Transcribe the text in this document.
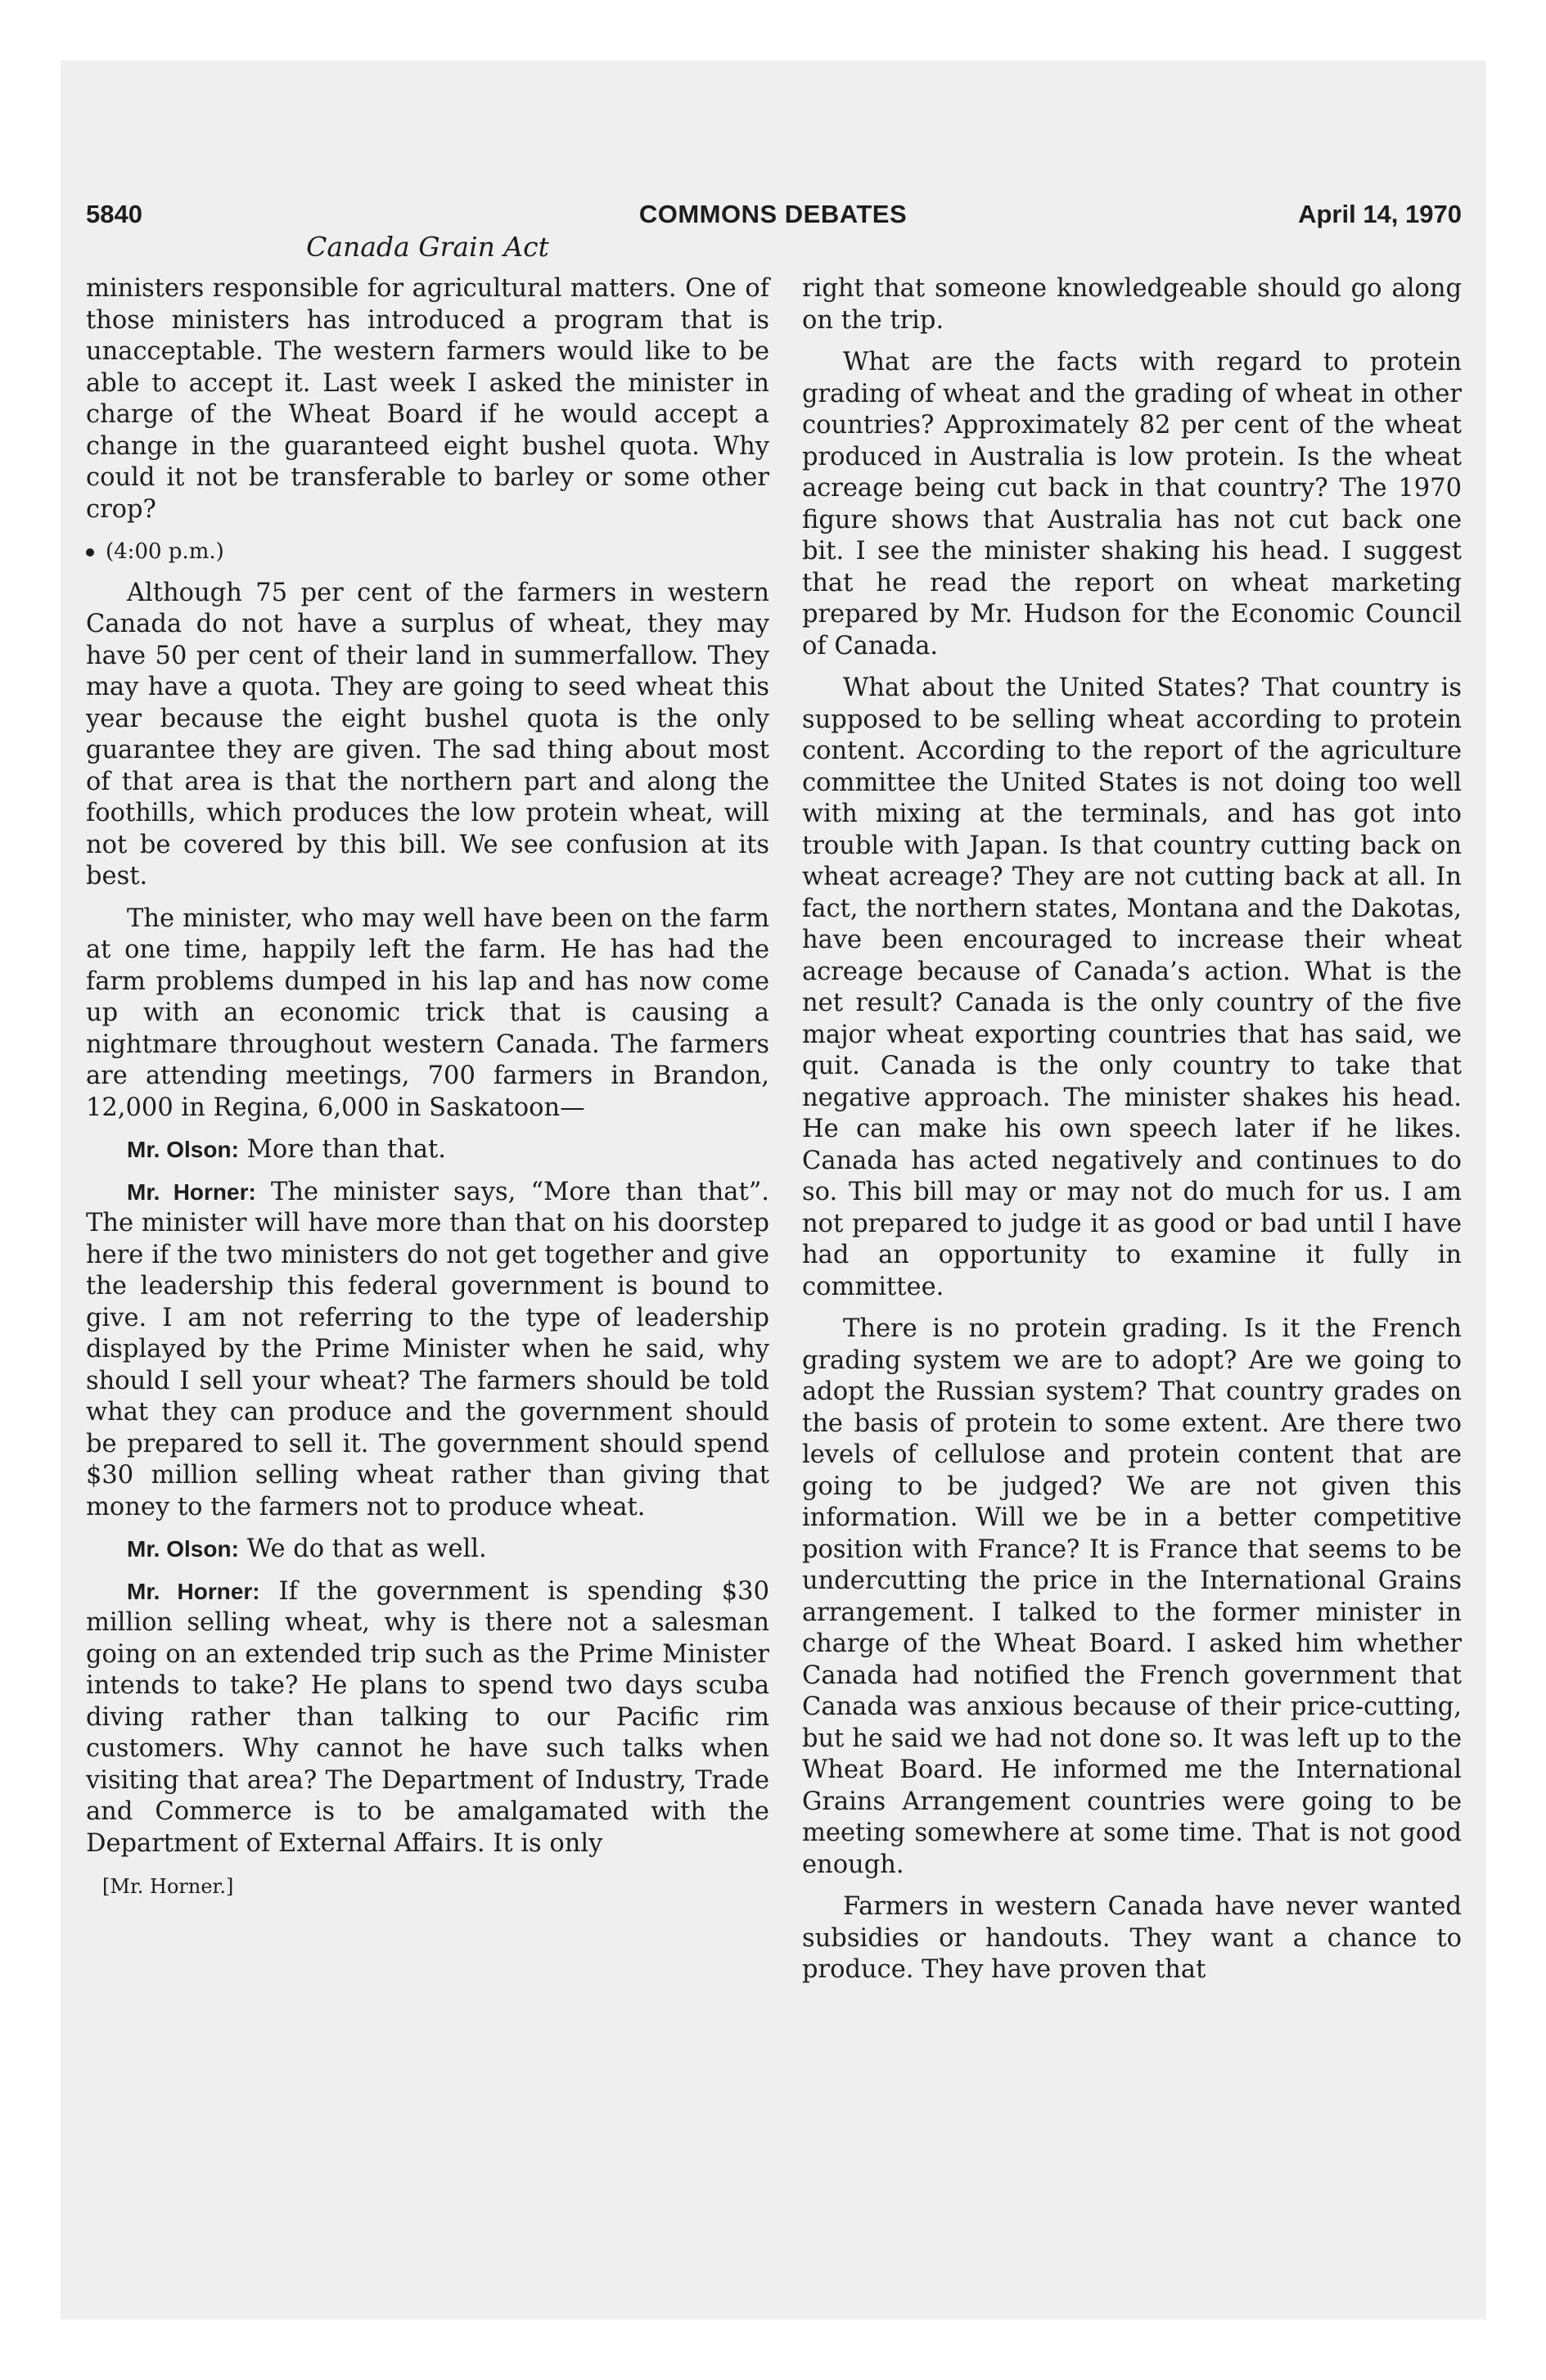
COMMONS DEBATES
5840	April 14, 1970
Canada Grain Act

ministers responsible for agricultural matters. One of those ministers has introduced a program that is unacceptable. The western farmers would like to be able to accept it. Last week I asked the minister in charge of the Wheat Board if he would accept a change in the guaranteed eight bushel quota. Why could it not be transferable to barley or some other crop?

(4:00 p.m.)

Although 75 per cent of the farmers in western Canada do not have a surplus of wheat, they may have 50 per cent of their land in summerfallow. They may have a quota. They are going to seed wheat this year because the eight bushel quota is the only guarantee they are given. The sad thing about most of that area is that the northern part and along the foothills, which produces the low protein wheat, will not be covered by this bill. We see confusion at its best.

The minister, who may well have been on the farm at one time, happily left the farm. He has had the farm problems dumped in his lap and has now come up with an economic trick that is causing a nightmare throughout western Canada. The farmers are attending meetings, 700 farmers in Brandon, 12,000 in Regina, 6,000 in Saskatoon—

Mr. Olson: More than that.

Mr. Horner: The minister says, “More than that”. The minister will have more than that on his doorstep here if the two ministers do not get together and give the leadership this federal government is bound to give. I am not referring to the type of leadership displayed by the Prime Minister when he said, why should I sell your wheat? The farmers should be told what they can produce and the government should be prepared to sell it. The government should spend $30 million selling wheat rather than giving that money to the farmers not to produce wheat.

Mr. Olson: We do that as well.

Mr. Horner: If the government is spending $30 million selling wheat, why is there not a salesman going on an extended trip such as the Prime Minister intends to take? He plans to spend two days scuba diving rather than talking to our Pacific rim customers. Why cannot he have such talks when visiting that area? The Department of Industry, Trade and Commerce is to be amalgamated with the Department of External Affairs. It is only

[Mr. Horner.]

right that someone knowledgeable should go along on the trip.

What are the facts with regard to protein grading of wheat and the grading of wheat in other countries? Approximately 82 per cent of the wheat produced in Australia is low protein. Is the wheat acreage being cut back in that country? The 1970 figure shows that Australia has not cut back one bit. I see the minister shaking his head. I suggest that he read the report on wheat marketing prepared by Mr. Hudson for the Economic Council of Canada.

What about the United States? That country is supposed to be selling wheat according to protein content. According to the report of the agriculture committee the United States is not doing too well with mixing at the terminals, and has got into trouble with Japan. Is that country cutting back on wheat acreage? They are not cutting back at all. In fact, the northern states, Montana and the Dakotas, have been encouraged to increase their wheat acreage because of Canada’s action. What is the net result? Canada is the only country of the five major wheat exporting countries that has said, we quit. Canada is the only country to take that negative approach. The minister shakes his head. He can make his own speech later if he likes. Canada has acted negatively and continues to do so. This bill may or may not do much for us. I am not prepared to judge it as good or bad until I have had an opportunity to examine it fully in committee.

There is no protein grading. Is it the French grading system we are to adopt? Are we going to adopt the Russian system? That country grades on the basis of protein to some extent. Are there two levels of cellulose and protein content that are going to be judged? We are not given this information. Will we be in a better competitive position with France? It is France that seems to be undercutting the price in the International Grains arrangement. I talked to the former minister in charge of the Wheat Board. I asked him whether Canada had notified the French government that Canada was anxious because of their price-cutting, but he said we had not done so. It was left up to the Wheat Board. He informed me the International Grains Arrangement countries were going to be meeting somewhere at some time. That is not good enough.

Farmers in western Canada have never wanted subsidies or handouts. They want a chance to produce. They have proven that
